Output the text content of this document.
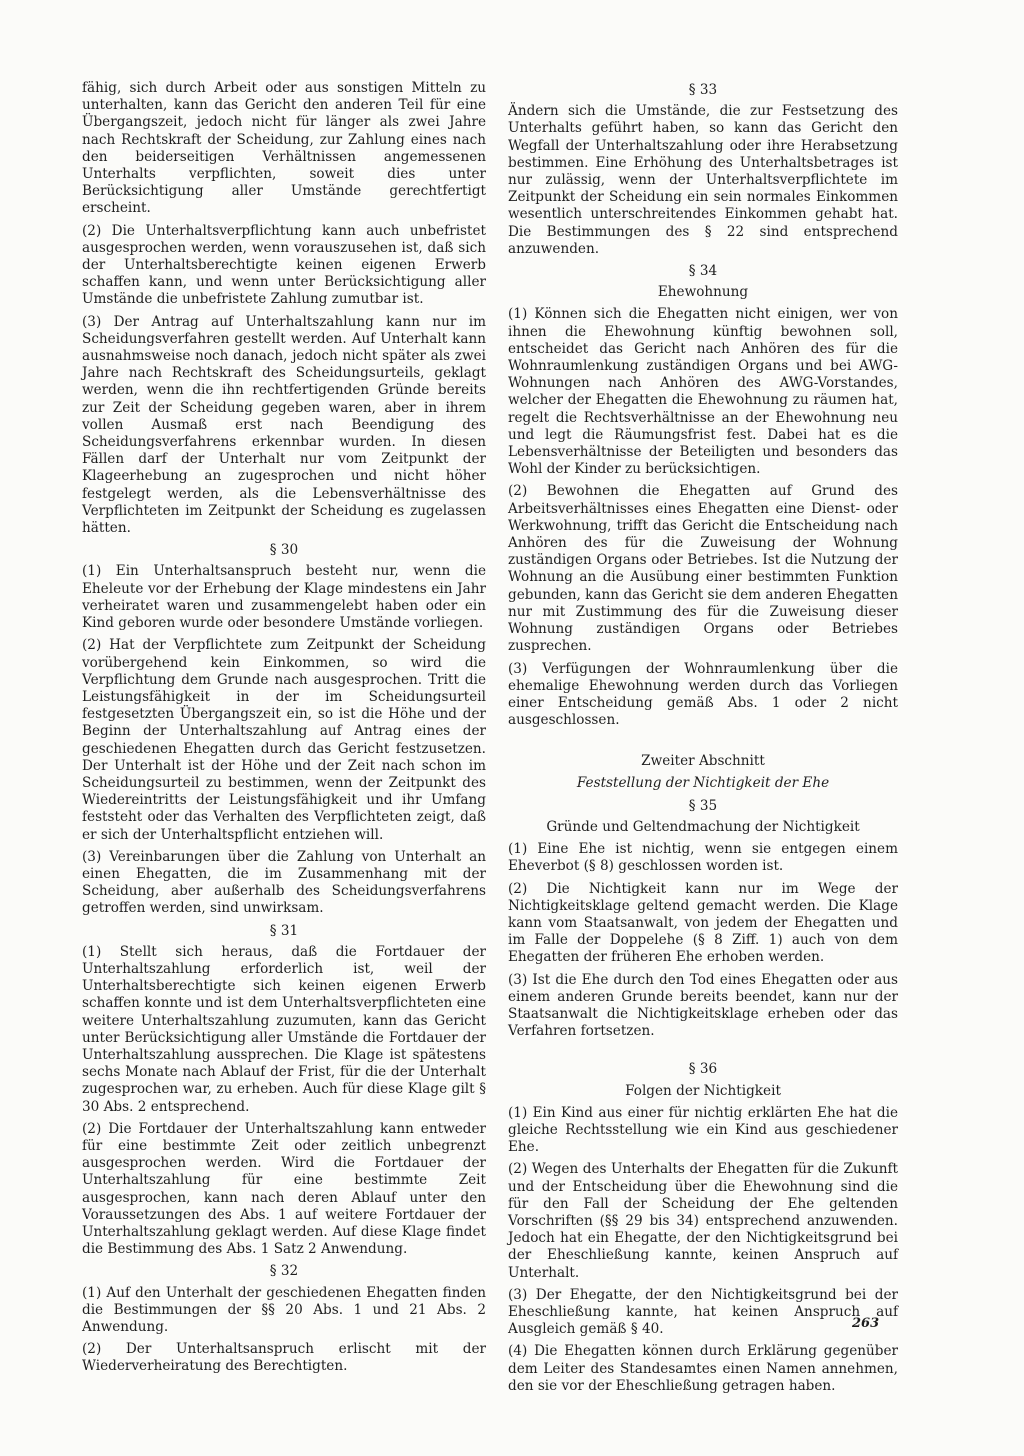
fähig, sich durch Arbeit oder aus sonstigen Mitteln zu unterhalten, kann das Gericht den anderen Teil für eine Übergangszeit, jedoch nicht für länger als zwei Jahre nach Rechtskraft der Scheidung, zur Zahlung eines nach den beiderseitigen Verhältnissen angemessenen Unterhalts verpflichten, soweit dies unter Berücksichtigung aller Umstände gerechtfertigt erscheint.

(2) Die Unterhaltsverpflichtung kann auch unbefristet ausgesprochen werden, wenn vorauszusehen ist, daß sich der Unterhaltsberechtigte keinen eigenen Erwerb schaffen kann, und wenn unter Berücksichtigung aller Umstände die unbefristete Zahlung zumutbar ist.

(3) Der Antrag auf Unterhaltszahlung kann nur im Scheidungsverfahren gestellt werden. Auf Unterhalt kann ausnahmsweise noch danach, jedoch nicht später als zwei Jahre nach Rechtskraft des Scheidungsurteils, geklagt werden, wenn die ihn rechtfertigenden Gründe bereits zur Zeit der Scheidung gegeben waren, aber in ihrem vollen Ausmaß erst nach Beendigung des Scheidungsverfahrens erkennbar wurden. In diesen Fällen darf der Unterhalt nur vom Zeitpunkt der Klageerhebung an zugesprochen und nicht höher festgelegt werden, als die Lebensverhältnisse des Verpflichteten im Zeitpunkt der Scheidung es zugelassen hätten.

§ 30

(1) Ein Unterhaltsanspruch besteht nur, wenn die Eheleute vor der Erhebung der Klage mindestens ein Jahr verheiratet waren und zusammengelebt haben oder ein Kind geboren wurde oder besondere Umstände vorliegen.

(2) Hat der Verpflichtete zum Zeitpunkt der Scheidung vorübergehend kein Einkommen, so wird die Verpflichtung dem Grunde nach ausgesprochen. Tritt die Leistungsfähigkeit in der im Scheidungsurteil festgesetzten Übergangszeit ein, so ist die Höhe und der Beginn der Unterhaltszahlung auf Antrag eines der geschiedenen Ehegatten durch das Gericht festzusetzen. Der Unterhalt ist der Höhe und der Zeit nach schon im Scheidungsurteil zu bestimmen, wenn der Zeitpunkt des Wiedereintritts der Leistungsfähigkeit und ihr Umfang feststeht oder das Verhalten des Verpflichteten zeigt, daß er sich der Unterhaltspflicht entziehen will.

(3) Vereinbarungen über die Zahlung von Unterhalt an einen Ehegatten, die im Zusammenhang mit der Scheidung, aber außerhalb des Scheidungsverfahrens getroffen werden, sind unwirksam.

§ 31

(1) Stellt sich heraus, daß die Fortdauer der Unterhaltszahlung erforderlich ist, weil der Unterhaltsberechtigte sich keinen eigenen Erwerb schaffen konnte und ist dem Unterhaltsverpflichteten eine weitere Unterhaltszahlung zuzumuten, kann das Gericht unter Berücksichtigung aller Umstände die Fortdauer der Unterhaltszahlung aussprechen. Die Klage ist spätestens sechs Monate nach Ablauf der Frist, für die der Unterhalt zugesprochen war, zu erheben. Auch für diese Klage gilt § 30 Abs. 2 entsprechend.

(2) Die Fortdauer der Unterhaltszahlung kann entweder für eine bestimmte Zeit oder zeitlich unbegrenzt ausgesprochen werden. Wird die Fortdauer der Unterhaltszahlung für eine bestimmte Zeit ausgesprochen, kann nach deren Ablauf unter den Voraussetzungen des Abs. 1 auf weitere Fortdauer der Unterhaltszahlung geklagt werden. Auf diese Klage findet die Bestimmung des Abs. 1 Satz 2 Anwendung.

§ 32

(1) Auf den Unterhalt der geschiedenen Ehegatten finden die Bestimmungen der §§ 20 Abs. 1 und 21 Abs. 2 Anwendung.

(2) Der Unterhaltsanspruch erlischt mit der Wiederverheiratung des Berechtigten.

§ 33

Ändern sich die Umstände, die zur Festsetzung des Unterhalts geführt haben, so kann das Gericht den Wegfall der Unterhaltszahlung oder ihre Herabsetzung bestimmen. Eine Erhöhung des Unterhaltsbetrages ist nur zulässig, wenn der Unterhaltsverpflichtete im Zeitpunkt der Scheidung ein sein normales Einkommen wesentlich unterschreitendes Einkommen gehabt hat. Die Bestimmungen des § 22 sind entsprechend anzuwenden.

§ 34
Ehewohnung

(1) Können sich die Ehegatten nicht einigen, wer von ihnen die Ehewohnung künftig bewohnen soll, entscheidet das Gericht nach Anhören des für die Wohnraumlenkung zuständigen Organs und bei AWG-Wohnungen nach Anhören des AWG-Vorstandes, welcher der Ehegatten die Ehewohnung zu räumen hat, regelt die Rechtsverhältnisse an der Ehewohnung neu und legt die Räumungsfrist fest. Dabei hat es die Lebensverhältnisse der Beteiligten und besonders das Wohl der Kinder zu berücksichtigen.

(2) Bewohnen die Ehegatten auf Grund des Arbeitsverhältnisses eines Ehegatten eine Dienst- oder Werkwohnung, trifft das Gericht die Entscheidung nach Anhören des für die Zuweisung der Wohnung zuständigen Organs oder Betriebes. Ist die Nutzung der Wohnung an die Ausübung einer bestimmten Funktion gebunden, kann das Gericht sie dem anderen Ehegatten nur mit Zustimmung des für die Zuweisung dieser Wohnung zuständigen Organs oder Betriebes zusprechen.

(3) Verfügungen der Wohnraumlenkung über die ehemalige Ehewohnung werden durch das Vorliegen einer Entscheidung gemäß Abs. 1 oder 2 nicht ausgeschlossen.

Zweiter Abschnitt
Feststellung der Nichtigkeit der Ehe
§ 35
Gründe und Geltendmachung der Nichtigkeit

(1) Eine Ehe ist nichtig, wenn sie entgegen einem Eheverbot (§ 8) geschlossen worden ist.

(2) Die Nichtigkeit kann nur im Wege der Nichtigkeitsklage geltend gemacht werden. Die Klage kann vom Staatsanwalt, von jedem der Ehegatten und im Falle der Doppelehe (§ 8 Ziff. 1) auch von dem Ehegatten der früheren Ehe erhoben werden.

(3) Ist die Ehe durch den Tod eines Ehegatten oder aus einem anderen Grunde bereits beendet, kann nur der Staatsanwalt die Nichtigkeitsklage erheben oder das Verfahren fortsetzen.

§ 36
Folgen der Nichtigkeit

(1) Ein Kind aus einer für nichtig erklärten Ehe hat die gleiche Rechtsstellung wie ein Kind aus geschiedener Ehe.

(2) Wegen des Unterhalts der Ehegatten für die Zukunft und der Entscheidung über die Ehewohnung sind die für den Fall der Scheidung der Ehe geltenden Vorschriften (§§ 29 bis 34) entsprechend anzuwenden. Jedoch hat ein Ehegatte, der den Nichtigkeitsgrund bei der Eheschließung kannte, keinen Anspruch auf Unterhalt.

(3) Der Ehegatte, der den Nichtigkeitsgrund bei der Eheschließung kannte, hat keinen Anspruch auf Ausgleich gemäß § 40.

(4) Die Ehegatten können durch Erklärung gegenüber dem Leiter des Standesamtes einen Namen annehmen, den sie vor der Eheschließung getragen haben.

263
